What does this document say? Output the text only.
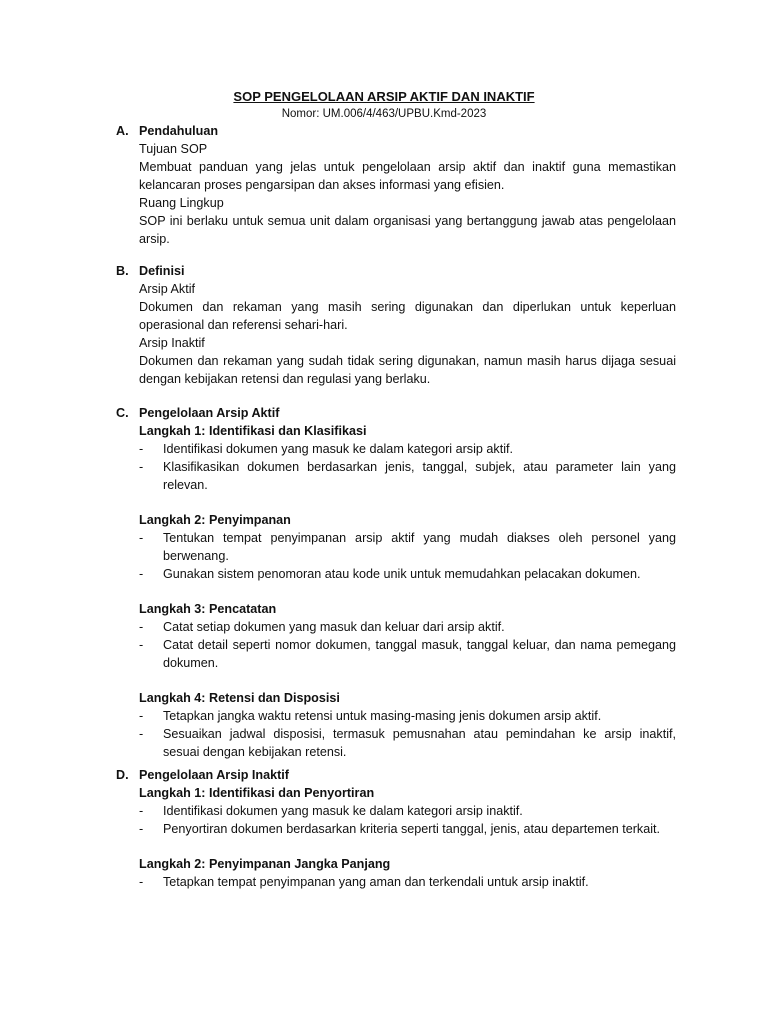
SOP PENGELOLAAN ARSIP AKTIF DAN INAKTIF
Nomor: UM.006/4/463/UPBU.Kmd-2023
A. Pendahuluan
Tujuan SOP

Membuat panduan yang jelas untuk pengelolaan arsip aktif dan inaktif guna memastikan kelancaran proses pengarsipan dan akses informasi yang efisien.

Ruang Lingkup

SOP ini berlaku untuk semua unit dalam organisasi yang bertanggung jawab atas pengelolaan arsip.

B. Definisi
Arsip Aktif

Dokumen dan rekaman yang masih sering digunakan dan diperlukan untuk keperluan operasional dan referensi sehari-hari.

Arsip Inaktif

Dokumen dan rekaman yang sudah tidak sering digunakan, namun masih harus dijaga sesuai dengan kebijakan retensi dan regulasi yang berlaku.

C. Pengelolaan Arsip Aktif
Langkah 1: Identifikasi dan Klasifikasi
- Identifikasi dokumen yang masuk ke dalam kategori arsip aktif.
- Klasifikasikan dokumen berdasarkan jenis, tanggal, subjek, atau parameter lain yang relevan.
Langkah 2: Penyimpanan
- Tentukan tempat penyimpanan arsip aktif yang mudah diakses oleh personel yang berwenang.
- Gunakan sistem penomoran atau kode unik untuk memudahkan pelacakan dokumen.
Langkah 3: Pencatatan
- Catat setiap dokumen yang masuk dan keluar dari arsip aktif.
- Catat detail seperti nomor dokumen, tanggal masuk, tanggal keluar, dan nama pemegang dokumen.
Langkah 4: Retensi dan Disposisi
- Tetapkan jangka waktu retensi untuk masing-masing jenis dokumen arsip aktif.
- Sesuaikan jadwal disposisi, termasuk pemusnahan atau pemindahan ke arsip inaktif, sesuai dengan kebijakan retensi.
D. Pengelolaan Arsip Inaktif
Langkah 1: Identifikasi dan Penyortiran
- Identifikasi dokumen yang masuk ke dalam kategori arsip inaktif.
- Penyortiran dokumen berdasarkan kriteria seperti tanggal, jenis, atau departemen terkait.
Langkah 2: Penyimpanan Jangka Panjang
- Tetapkan tempat penyimpanan yang aman dan terkendali untuk arsip inaktif.
